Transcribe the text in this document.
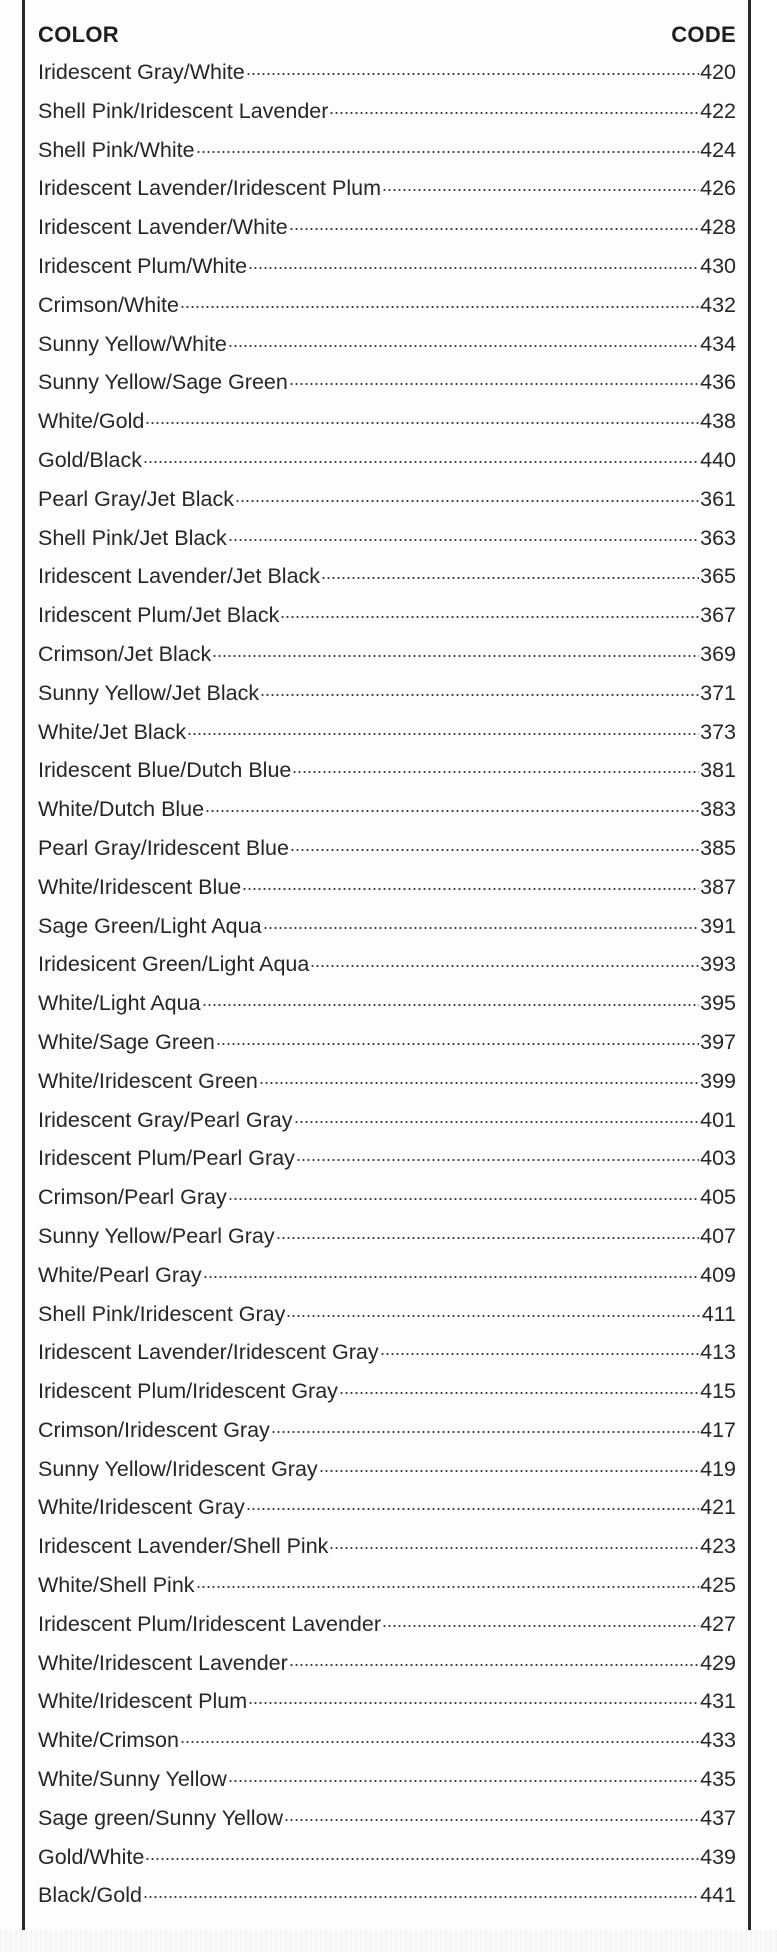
COLOR	CODE
Iridescent Gray/White	420
Shell Pink/Iridescent Lavender	422
Shell Pink/White	424
Iridescent Lavender/Iridescent Plum	426
Iridescent Lavender/White	428
Iridescent Plum/White	430
Crimson/White	432
Sunny Yellow/White	434
Sunny Yellow/Sage Green	436
White/Gold	438
Gold/Black	440
Pearl Gray/Jet Black	361
Shell Pink/Jet Black	363
Iridescent Lavender/Jet Black	365
Iridescent Plum/Jet Black	367
Crimson/Jet Black	369
Sunny Yellow/Jet Black	371
White/Jet Black	373
Iridescent Blue/Dutch Blue	381
White/Dutch Blue	383
Pearl Gray/Iridescent Blue	385
White/Iridescent Blue	387
Sage Green/Light Aqua	391
Iridesicent Green/Light Aqua	393
White/Light Aqua	395
White/Sage Green	397
White/Iridescent Green	399
Iridescent Gray/Pearl Gray	401
Iridescent Plum/Pearl Gray	403
Crimson/Pearl Gray	405
Sunny Yellow/Pearl Gray	407
White/Pearl Gray	409
Shell Pink/Iridescent Gray	411
Iridescent Lavender/Iridescent Gray	413
Iridescent Plum/Iridescent Gray	415
Crimson/Iridescent Gray	417
Sunny Yellow/Iridescent Gray	419
White/Iridescent Gray	421
Iridescent Lavender/Shell Pink	423
White/Shell Pink	425
Iridescent Plum/Iridescent Lavender	427
White/Iridescent Lavender	429
White/Iridescent Plum	431
White/Crimson	433
White/Sunny Yellow	435
Sage green/Sunny Yellow	437
Gold/White	439
Black/Gold	441
